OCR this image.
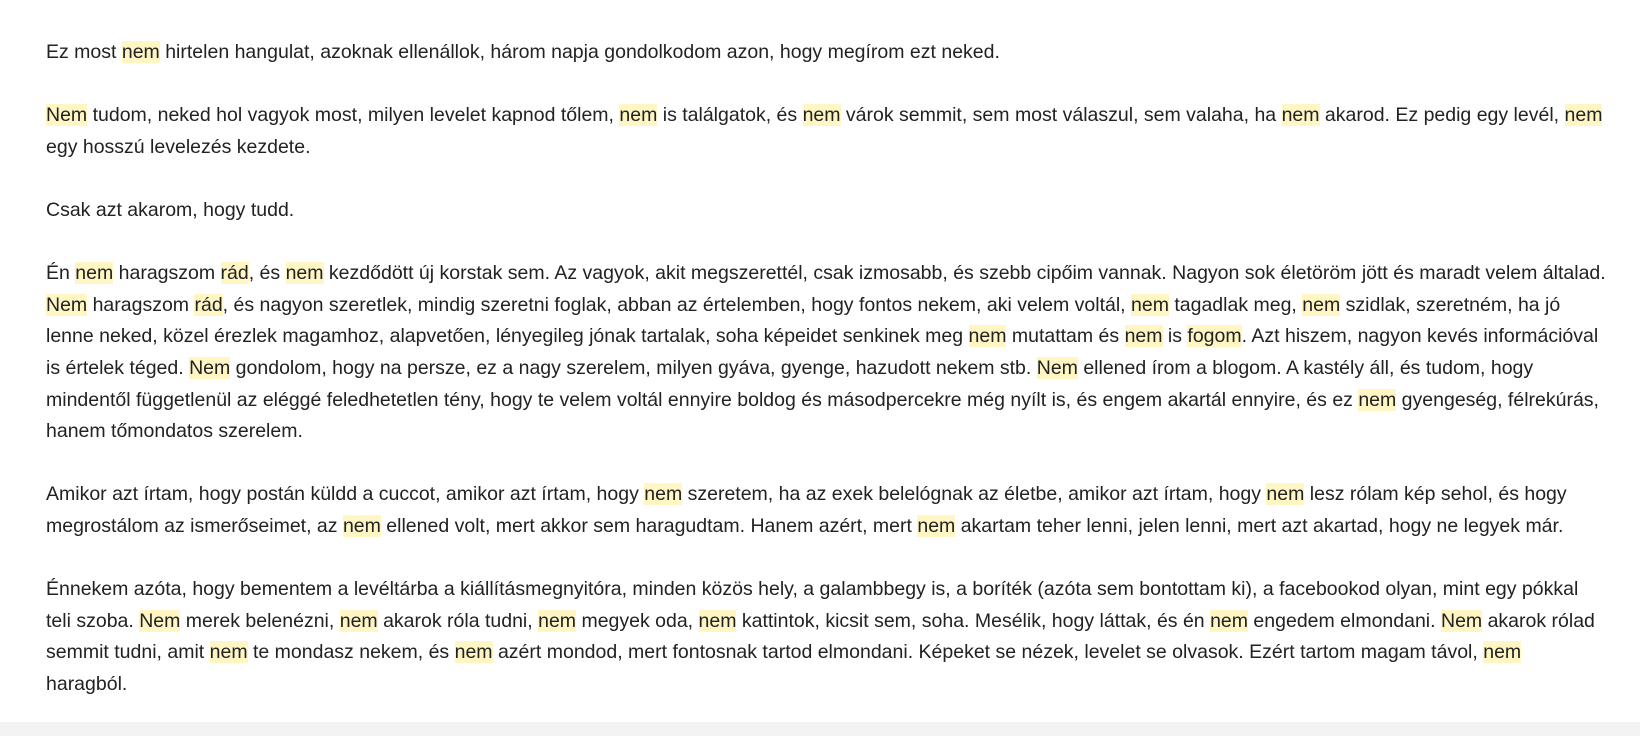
Ez most nem hirtelen hangulat, azoknak ellenállok, három napja gondolkodom azon, hogy megírom ezt neked.

Nem tudom, neked hol vagyok most, milyen levelet kapnod tőlem, nem is találgatok, és nem várok semmit, sem most válaszul, sem valaha, ha nem akarod. Ez pedig egy levél, nem egy hosszú levelezés kezdete.

Csak azt akarom, hogy tudd.

Én nem haragszom rád, és nem kezdődött új korstak sem. Az vagyok, akit megszerettél, csak izmosabb, és szebb cipőim vannak. Nagyon sok életöröm jött és maradt velem általad. Nem haragszom rád, és nagyon szeretlek, mindig szeretni foglak, abban az értelemben, hogy fontos nekem, aki velem voltál, nem tagadlak meg, nem szidlak, szeretném, ha jó lenne neked, közel érezlek magamhoz, alapvetően, lényegileg jónak tartalak, soha képeidet senkinek meg nem mutattam és nem is fogom. Azt hiszem, nagyon kevés információval is értelek téged. Nem gondolom, hogy na persze, ez a nagy szerelem, milyen gyáva, gyenge, hazudott nekem stb. Nem ellened írom a blogom. A kastély áll, és tudom, hogy mindentől függetlenül az eléggé feledhetetlen tény, hogy te velem voltál ennyire boldog és másodpercekre még nyílt is, és engem akartál ennyire, és ez nem gyengeség, félrekúrás, hanem tőmondatos szerelem.

Amikor azt írtam, hogy postán küldd a cuccot, amikor azt írtam, hogy nem szeretem, ha az exek belelógnak az életbe, amikor azt írtam, hogy nem lesz rólam kép sehol, és hogy megrostálom az ismerőseimet, az nem ellened volt, mert akkor sem haragudtam. Hanem azért, mert nem akartam teher lenni, jelen lenni, mert azt akartad, hogy ne legyek már.

Énnekem azóta, hogy bementem a levéltárba a kiállításmegnyitóra, minden közös hely, a galambbegy is, a boríték (azóta sem bontottam ki), a facebookod olyan, mint egy pókkal teli szoba. Nem merek belenézni, nem akarok róla tudni, nem megyek oda, nem kattintok, kicsit sem, soha. Mesélik, hogy láttak, és én nem engedem elmondani. Nem akarok rólad semmit tudni, amit nem te mondasz nekem, és nem azért mondod, mert fontosnak tartod elmondani. Képeket se nézek, levelet se olvasok. Ezért tartom magam távol, nem haragból.
